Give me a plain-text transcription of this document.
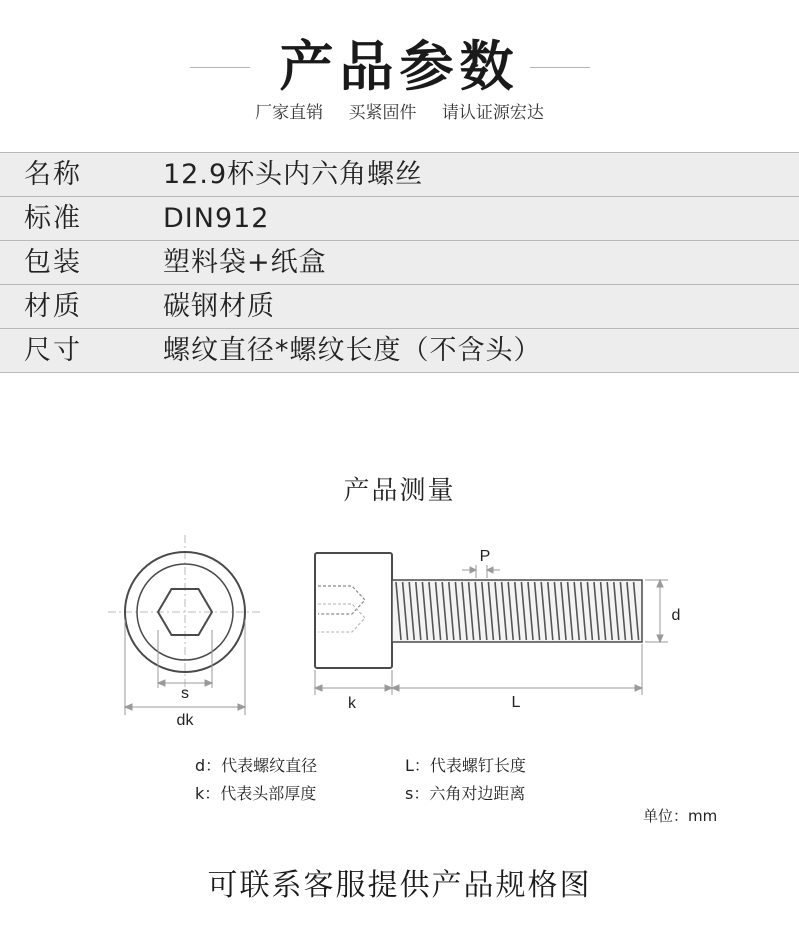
产品参数
厂家直销 买紧固件 请认证源宏达
名称	12.9杯头内六角螺丝
标准	DIN912
包装	塑料袋+纸盒
材质	碳钢材质
尺寸	螺纹直径*螺纹长度（不含头）
产品测量
s
dk
P
d
k	L
d：代表螺纹直径
k：代表头部厚度
L：代表螺钉长度
s：六角对边距离
单位：mm
可联系客服提供产品规格图
